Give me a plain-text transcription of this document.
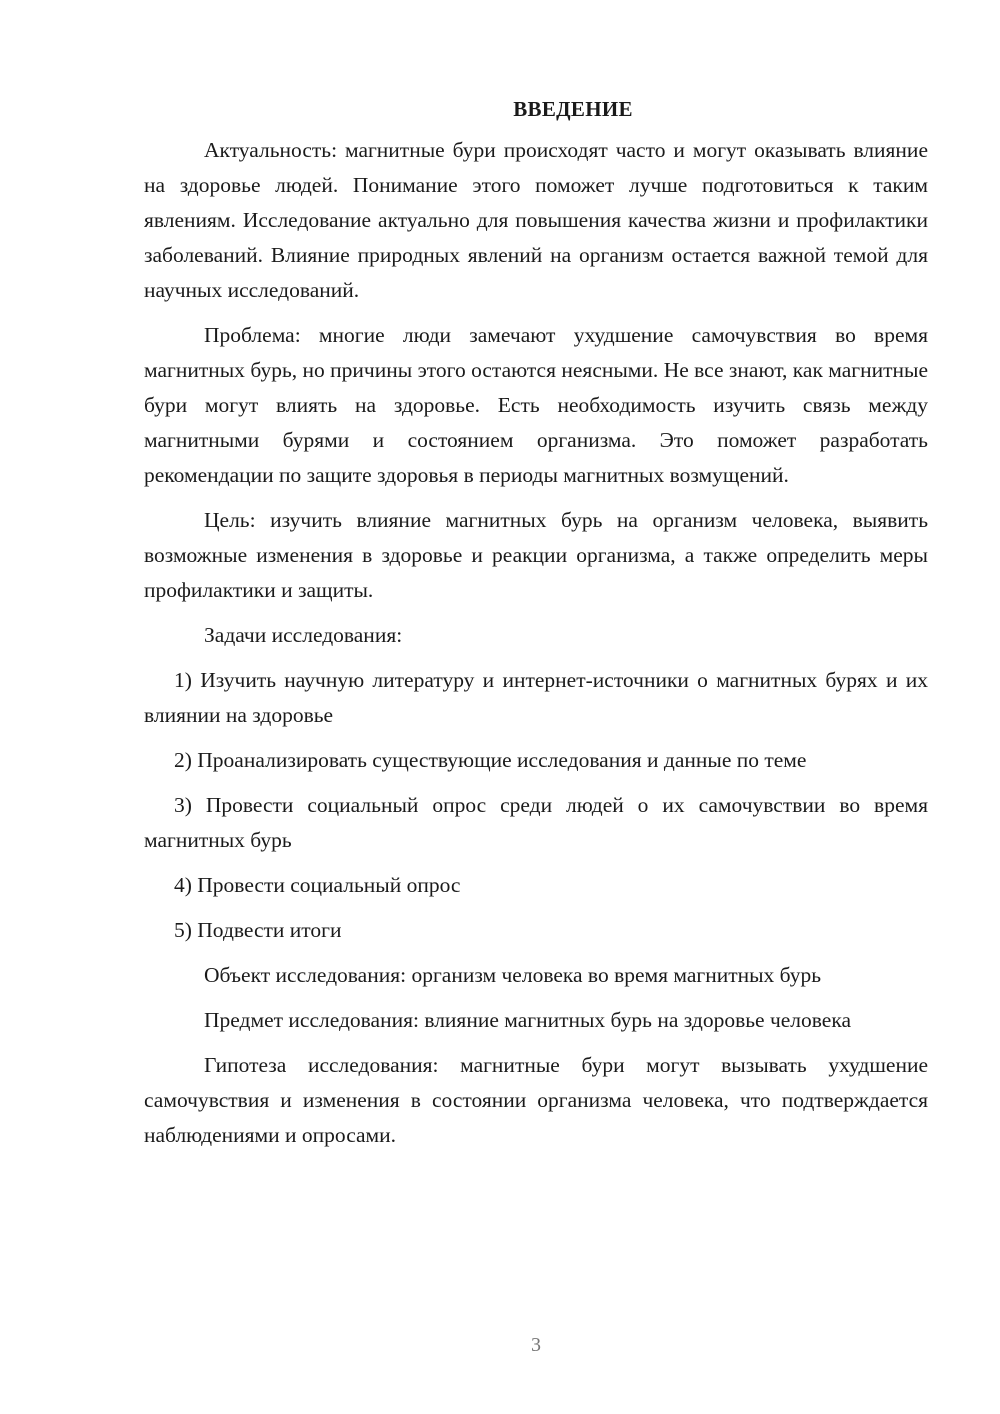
ВВЕДЕНИЕ

Актуальность: магнитные бури происходят часто и могут оказывать влияние на здоровье людей. Понимание этого поможет лучше подготовиться к таким явлениям. Исследование актуально для повышения качества жизни и профилактики заболеваний. Влияние природных явлений на организм остается важной темой для научных исследований.

Проблема: многие люди замечают ухудшение самочувствия во время магнитных бурь, но причины этого остаются неясными. Не все знают, как магнитные бури могут влиять на здоровье. Есть необходимость изучить связь между магнитными бурями и состоянием организма. Это поможет разработать рекомендации по защите здоровья в периоды магнитных возмущений.

Цель: изучить влияние магнитных бурь на организм человека, выявить возможные изменения в здоровье и реакции организма, а также определить меры профилактики и защиты.

Задачи исследования:

1) Изучить научную литературу и интернет-источники о магнитных бурях и их влиянии на здоровье

2) Проанализировать существующие исследования и данные по теме

3) Провести социальный опрос среди людей о их самочувствии во время магнитных бурь

4) Провести социальный опрос

5) Подвести итоги

Объект исследования: организм человека во время магнитных бурь

Предмет исследования: влияние магнитных бурь на здоровье человека

Гипотеза исследования: магнитные бури могут вызывать ухудшение самочувствия и изменения в состоянии организма человека, что подтверждается наблюдениями и опросами.

3
